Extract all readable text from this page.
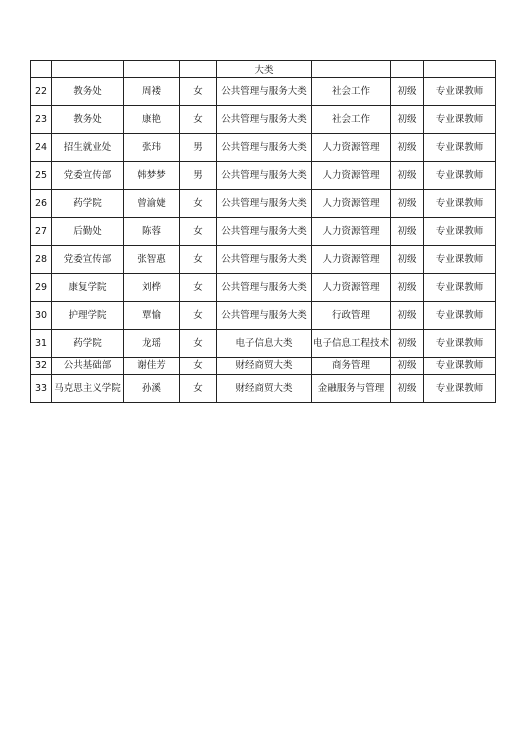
				大类			
22	教务处	周褛	女	公共管理与服务大类	社会工作	初级	专业课教师
23	教务处	康艳	女	公共管理与服务大类	社会工作	初级	专业课教师
24	招生就业处	张玮	男	公共管理与服务大类	人力资源管理	初级	专业课教师
25	党委宣传部	韩梦梦	男	公共管理与服务大类	人力资源管理	初级	专业课教师
26	药学院	曾渝婕	女	公共管理与服务大类	人力资源管理	初级	专业课教师
27	后勤处	陈蓉	女	公共管理与服务大类	人力资源管理	初级	专业课教师
28	党委宣传部	张智惠	女	公共管理与服务大类	人力资源管理	初级	专业课教师
29	康复学院	刘桦	女	公共管理与服务大类	人力资源管理	初级	专业课教师
30	护理学院	覃愉	女	公共管理与服务大类	行政管理	初级	专业课教师
31	药学院	龙瑶	女	电子信息大类	电子信息工程技术	初级	专业课教师
32	公共基础部	谢佳芳	女	财经商贸大类	商务管理	初级	专业课教师
33	马克思主义学院	孙溪	女	财经商贸大类	金融服务与管理	初级	专业课教师
